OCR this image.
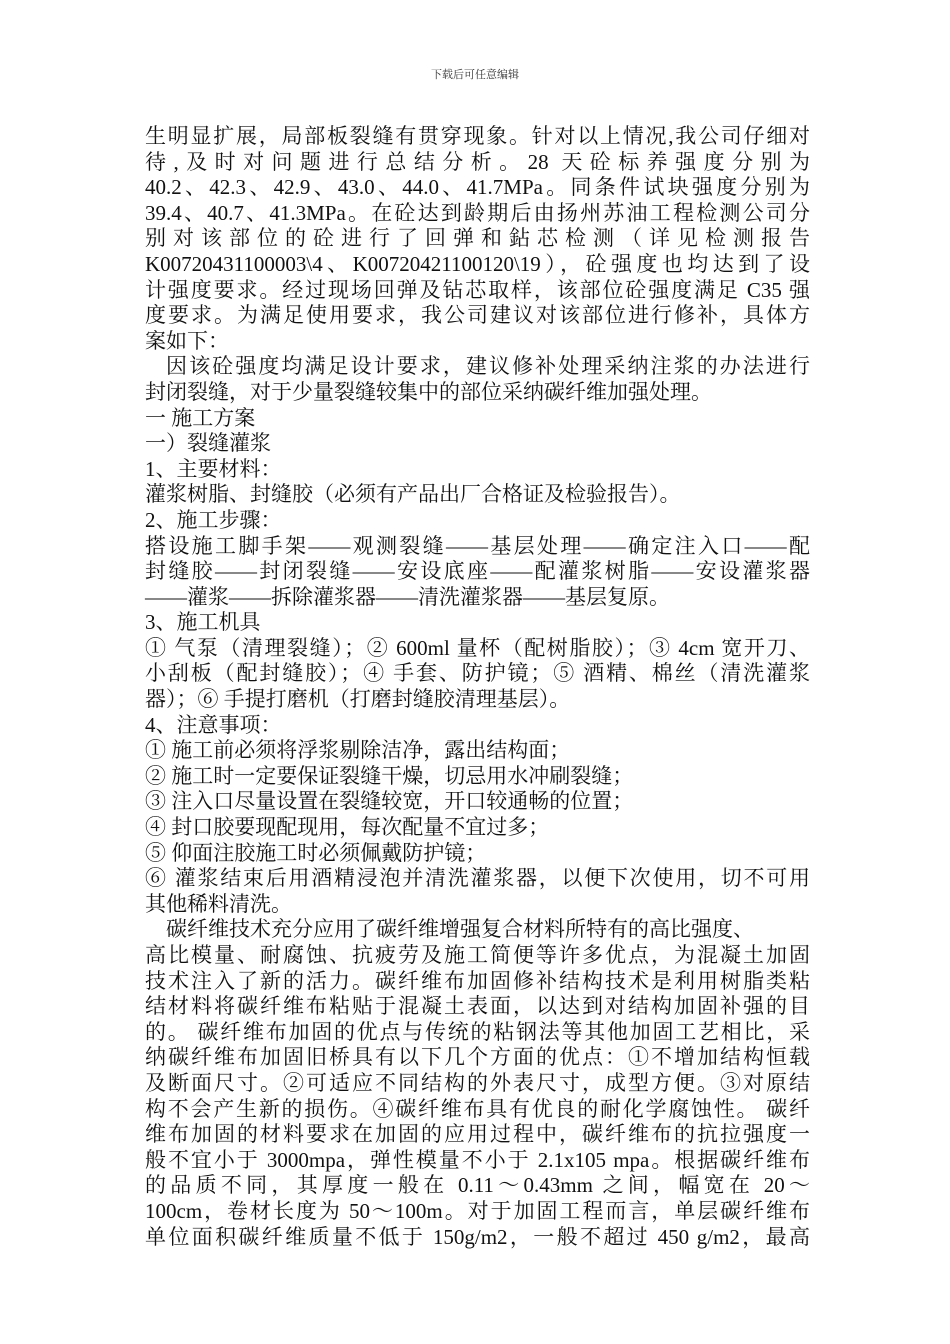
下载后可任意编辑
生明显扩展，局部板裂缝有贯穿现象。针对以上情况,我公司仔细对
待,及时对问题进行总结分析。28 天砼标养强度分别为
40.2、42.3、42.9、43.0、44.0、41.7MPa。同条件试块强度分别为
39.4、40.7、41.3MPa。在砼达到龄期后由扬州苏油工程检测公司分
别对该部位的砼进行了回弹和鉆芯检测（详见检测报告
K00720431100003\4、K00720421100120\19），砼强度也均达到了设
计强度要求。经过现场回弹及钻芯取样，该部位砼强度满足 C35 强
度要求。为满足使用要求，我公司建议对该部位进行修补，具体方
案如下：
因该砼强度均满足设计要求，建议修补处理采纳注浆的办法进行
封闭裂缝，对于少量裂缝较集中的部位采纳碳纤维加强处理。
一 施工方案
一）裂缝灌浆
1、主要材料：
灌浆树脂、封缝胶（必须有产品出厂合格证及检验报告）。
2、施工步骤：
搭设施工脚手架——观测裂缝——基层处理——确定注入口——配
封缝胶——封闭裂缝——安设底座——配灌浆树脂——安设灌浆器
——灌浆——拆除灌浆器——清洗灌浆器——基层复原。
3、施工机具
① 气泵（清理裂缝）；② 600ml 量杯（配树脂胶）；③ 4cm 宽开刀、
小刮板（配封缝胶）；④ 手套、防护镜；⑤ 酒精、棉丝（清洗灌浆
器）；⑥ 手提打磨机（打磨封缝胶清理基层）。
4、注意事项：
① 施工前必须将浮浆剔除洁净，露出结构面；
② 施工时一定要保证裂缝干燥，切忌用水冲刷裂缝；
③ 注入口尽量设置在裂缝较宽，开口较通畅的位置；
④ 封口胶要现配现用，每次配量不宜过多；
⑤ 仰面注胶施工时必须佩戴防护镜；
⑥ 灌浆结束后用酒精浸泡并清洗灌浆器，以便下次使用，切不可用
其他稀料清洗。
碳纤维技术充分应用了碳纤维增强复合材料所特有的高比强度、
高比模量、耐腐蚀、抗疲劳及施工简便等许多优点，为混凝土加固
技术注入了新的活力。碳纤维布加固修补结构技术是利用树脂类粘
结材料将碳纤维布粘贴于混凝土表面，以达到对结构加固补强的目
的。 碳纤维布加固的优点与传统的粘钢法等其他加固工艺相比，采
纳碳纤维布加固旧桥具有以下几个方面的优点：①不增加结构恒载
及断面尺寸。②可适应不同结构的外表尺寸，成型方便。③对原结
构不会产生新的损伤。④碳纤维布具有优良的耐化学腐蚀性。 碳纤
维布加固的材料要求在加固的应用过程中，碳纤维布的抗拉强度一
般不宜小于 3000mpa，弹性模量不小于 2.1x105 mpa。根据碳纤维布
的品质不同，其厚度一般在 0.11～0.43mm 之间，幅宽在 20～
100cm，卷材长度为 50～100m。对于加固工程而言，单层碳纤维布
单位面积碳纤维质量不低于 150g/m2，一般不超过 450 g/m2，最高
